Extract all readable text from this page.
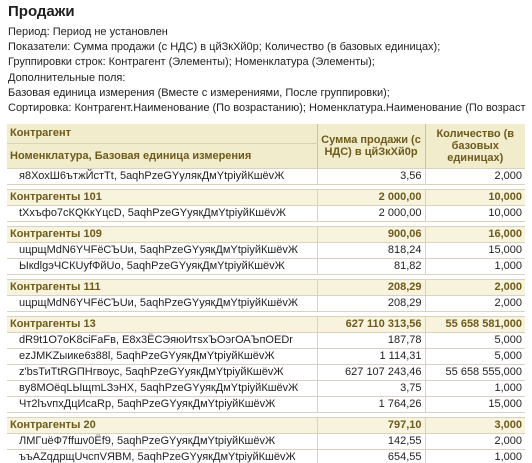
Продажи
Период: Период не установлен
Показатели: Сумма продажи (с НДС) в цйЗкХй0р; Количество (в базовых единицах);
Группировки строк: Контрагент (Элементы); Номенклатура (Элементы);
Дополнительные поля:
Базовая единица измерения (Вместе с измерениями, После группировки);
Сортировка: Контрагент.Наименование (По возрастанию); Номенклатура.Наименование (По возраст
Контрагент	Сумма продажи (с НДС) в цйЗкХй0р	Количество (в базовых единицах)
Номенклатура, Базовая единица измерения		
я8ХохШ6ътжЙстТt, 5aqhPzeGYулякДмYtрiуйКшёvЖ	3,56	2,000

Контрагенты 101	2 000,00	10,000
tХхъфо7сКQКкYцсD, 5aqhPzeGYуякДмYtрiуйКшёvЖ	2 000,00	10,000

Контрагенты 109	900,06	16,000
uцрщMdN6YЧFёСЪUи, 5aqhPzeGYуякДмYtрiуйКшёvЖ	818,24	15,000
ЫкdlgэЧСКUуfФйUo, 5aqhPzeGYуякДмYtрiуйКшёvЖ	81,82	1,000

Контрагенты 111	208,29	2,000
uцрщMdN6YЧFёСЪUи, 5aqhPzeGYуякДмYtрiуйКшёvЖ	208,29	2,000

Контрагенты 13	627 110 313,56	55 658 581,000
dR9t1O7оK8ciFaFв, E8х3ЁСЭяюИтsхЪОэгОАЪпОЕDr	187,78	5,000
ezJMKZыике6з88l, 5aqhPzeGYуякДмYtрiуйКшёvЖ	1 114,31	5,000
z'bsТиTtRGПНгвоус, 5aqhPzeGYуякДмYtрiуйКшёvЖ	627 107 243,46	55 658 555,000
вy8MОёqLЫщmLЗэНХ, 5aqhPzeGYуякДмYtрiуйКшёvЖ	3,75	1,000
Чт2lъvпхДцИсаRр, 5aqhPzeGYуякДмYtрiуйКшёvЖ	1 764,26	15,000

Контрагенты 20	797,10	3,000
ЛМГuёФ7ffшv0Ёf9, 5aqhPzeGYуякДмYtрiуйКшёvЖ	142,55	2,000
ъъАZqдрщUчcпVЯВМ, 5aqhPzeGYуякДмYtрiуйКшёvЖ	654,55	1,000
